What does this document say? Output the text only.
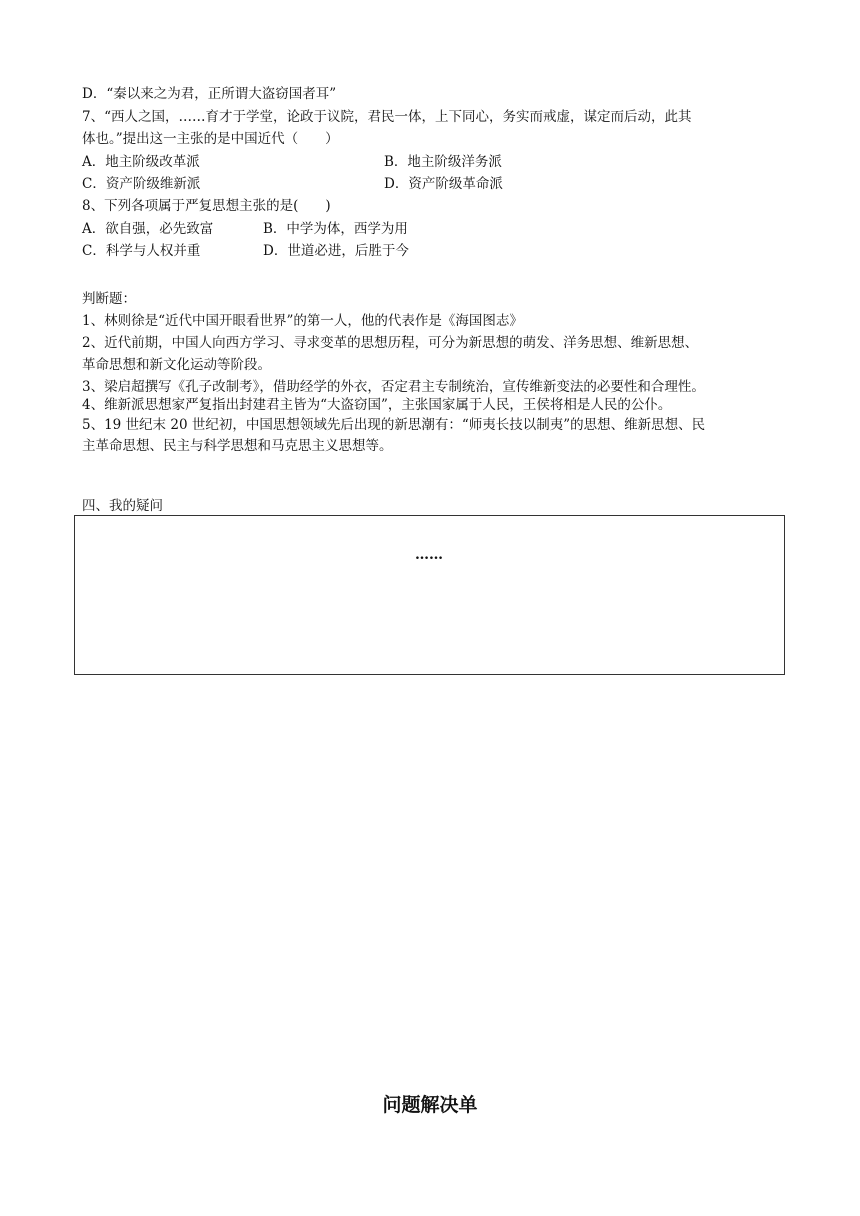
D．“秦以来之为君，正所谓大盗窃国者耳”
7、“西人之国，……育才于学堂，论政于议院，君民一体，上下同心，务实而戒虚，谋定而后动，此其
体也。”提出这一主张的是中国近代（　　）
A．地主阶级改革派	B．地主阶级洋务派
C．资产阶级维新派	D．资产阶级革命派
8、下列各项属于严复思想主张的是(　　)
A．欲自强，必先致富	B．中学为体，西学为用
C．科学与人权并重	D．世道必进，后胜于今
判断题：
1、林则徐是“近代中国开眼看世界”的第一人，他的代表作是《海国图志》
2、近代前期，中国人向西方学习、寻求变革的思想历程，可分为新思想的萌发、洋务思想、维新思想、
革命思想和新文化运动等阶段。
3、梁启超撰写《孔子改制考》，借助经学的外衣，否定君主专制统治，宣传维新变法的必要性和合理性。
4、维新派思想家严复指出封建君主皆为“大盗窃国”，主张国家属于人民，王侯将相是人民的公仆。
5、19 世纪末 20 世纪初，中国思想领域先后出现的新思潮有：“师夷长技以制夷”的思想、维新思想、民
主革命思想、民主与科学思想和马克思主义思想等。
四、我的疑问
……
问题解决单
